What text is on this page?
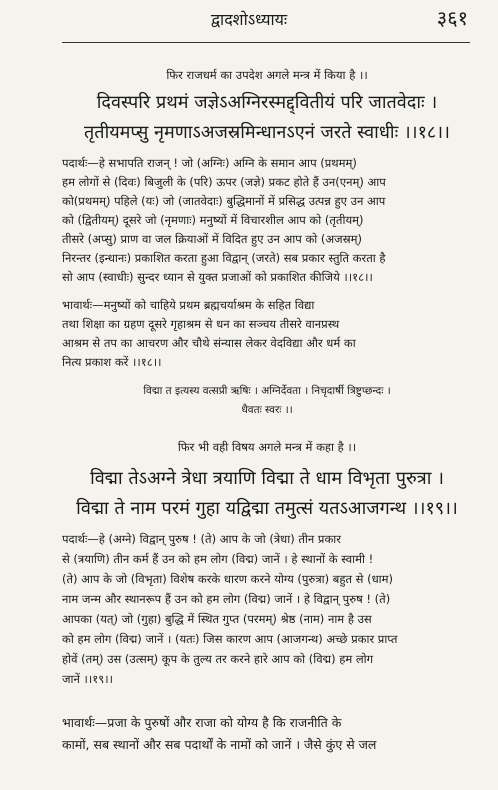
द्वादशोऽध्यायः	३६१
फिर राजधर्म का उपदेश अगले मन्त्र में किया है ।।
दिवस्परि प्रथमं जज्ञेऽअग्निरस्मद्द्वितीयं परि जातवेदाः ।
तृतीयमप्सु नृमणाऽअजस्रमिन्धानऽएनं जरते स्वाधीः ।।१८।।
पदार्थः—हे सभापति राजन् ! जो (अग्निः) अग्नि के समान आप (प्रथमम्)
हम लोगों से (दिवः) बिजुली के (परि) ऊपर (जज्ञे) प्रकट होते हैं उन(एनम्) आप
को(प्रथमम्) पहिले (यः) जो (जातवेदाः) बुद्धिमानों में प्रसिद्ध उत्पन्न हुए उन आप
को (द्वितीयम्) दूसरे जो (नृमणाः) मनुष्यों में विचारशील आप को (तृतीयम्)
तीसरे (अप्सु) प्राण वा जल क्रियाओं में विदित हुए उन आप को (अजस्रम्)
निरन्तर (इन्धानः) प्रकाशित करता हुआ विद्वान् (जरते) सब प्रकार स्तुति करता है
सो आप (स्वाधीः) सुन्दर ध्यान से युक्त प्रजाओं को प्रकाशित कीजिये ।।१८।।
भावार्थः—मनुष्यों को चाहिये प्रथम ब्रह्मचर्याश्रम के सहित विद्या
तथा शिक्षा का ग्रहण दूसरे गृहाश्रम से धन का सञ्चय तीसरे वानप्रस्थ
आश्रम से तप का आचरण और चौथे संन्यास लेकर वेदविद्या और धर्म का
नित्य प्रकाश करें ।।१८।।
विद्मा त इत्यस्य वत्सप्री ऋषिः । अग्निर्देवता । निचृदार्षी त्रिष्टुप्छन्दः ।
धैवतः स्वरः ।।
फिर भी वही विषय अगले मन्त्र में कहा है ।।
विद्मा तेऽअग्ने त्रेधा त्रयाणि विद्मा ते धाम विभृता पुरुत्रा ।
विद्मा ते नाम परमं गुहा यद्विद्मा तमुत्सं यतऽआजगन्थ ।।१९।।
पदार्थः—हे (अग्ने) विद्वान् पुरुष ! (ते) आप के जो (त्रेधा) तीन प्रकार
से (त्रयाणि) तीन कर्म हैं उन को हम लोग (विद्म) जानें । हे स्थानों के स्वामी !
(ते) आप के जो (विभृता) विशेष करके धारण करने योग्य (पुरुत्रा) बहुत से (धाम)
नाम जन्म और स्थानरूप हैं उन को हम लोग (विद्म) जानें । हे विद्वान् पुरुष ! (ते)
आपका (यत्) जो (गुहा) बुद्धि में स्थित गुप्त (परमम्) श्रेष्ठ (नाम) नाम है उस
को हम लोग (विद्म) जानें । (यतः) जिस कारण आप (आजगन्थ) अच्छे प्रकार प्राप्त
होवें (तम्) उस (उत्सम्) कूप के तुल्य तर करने हारे आप को (विद्म) हम लोग
जानें ।।१९।।
भावार्थः—प्रजा के पुरुषों और राजा को योग्य है कि राजनीति के
कामों, सब स्थानों और सब पदार्थों के नामों को जानें । जैसे कुंए से जल
